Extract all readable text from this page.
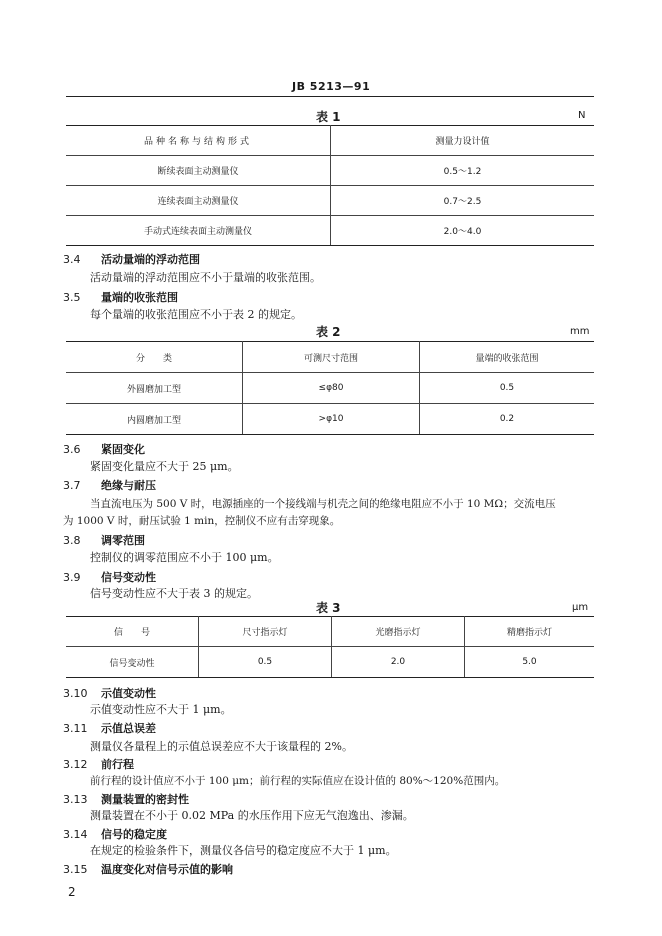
JB 5213—91
表 1	N
品种名称与结构形式	测量力设计值
断续表面主动测量仪	0.5～1.2
连续表面主动测量仪	0.7～2.5
手动式连续表面主动测量仪	2.0～4.0
3.4 活动量端的浮动范围
活动量端的浮动范围应不小于量端的收张范围。
3.5 量端的收张范围
每个量端的收张范围应不小于表 2 的规定。
表 2	mm
分　　类	可测尺寸范围	量端的收张范围
外圆磨加工型	≤φ80	0.5
内圆磨加工型	>φ10	0.2
3.6 紧固变化
紧固变化量应不大于 25 μm。
3.7 绝缘与耐压
当直流电压为 500 V 时，电源插座的一个接线端与机壳之间的绝缘电阻应不小于 10 MΩ；交流电压
为 1000 V 时，耐压试验 1 min，控制仪不应有击穿现象。
3.8 调零范围
控制仪的调零范围应不小于 100 μm。
3.9 信号变动性
信号变动性应不大于表 3 的规定。
表 3	μm
信　　号	尺寸指示灯	光磨指示灯	精磨指示灯
信号变动性	0.5	2.0	5.0
3.10 示值变动性
示值变动性应不大于 1 μm。
3.11 示值总误差
测量仪各量程上的示值总误差应不大于该量程的 2%。
3.12 前行程
前行程的设计值应不小于 100 μm；前行程的实际值应在设计值的 80%～120%范围内。
3.13 测量装置的密封性
测量装置在不小于 0.02 MPa 的水压作用下应无气泡逸出、渗漏。
3.14 信号的稳定度
在规定的检验条件下，测量仪各信号的稳定度应不大于 1 μm。
3.15 温度变化对信号示值的影响
2
